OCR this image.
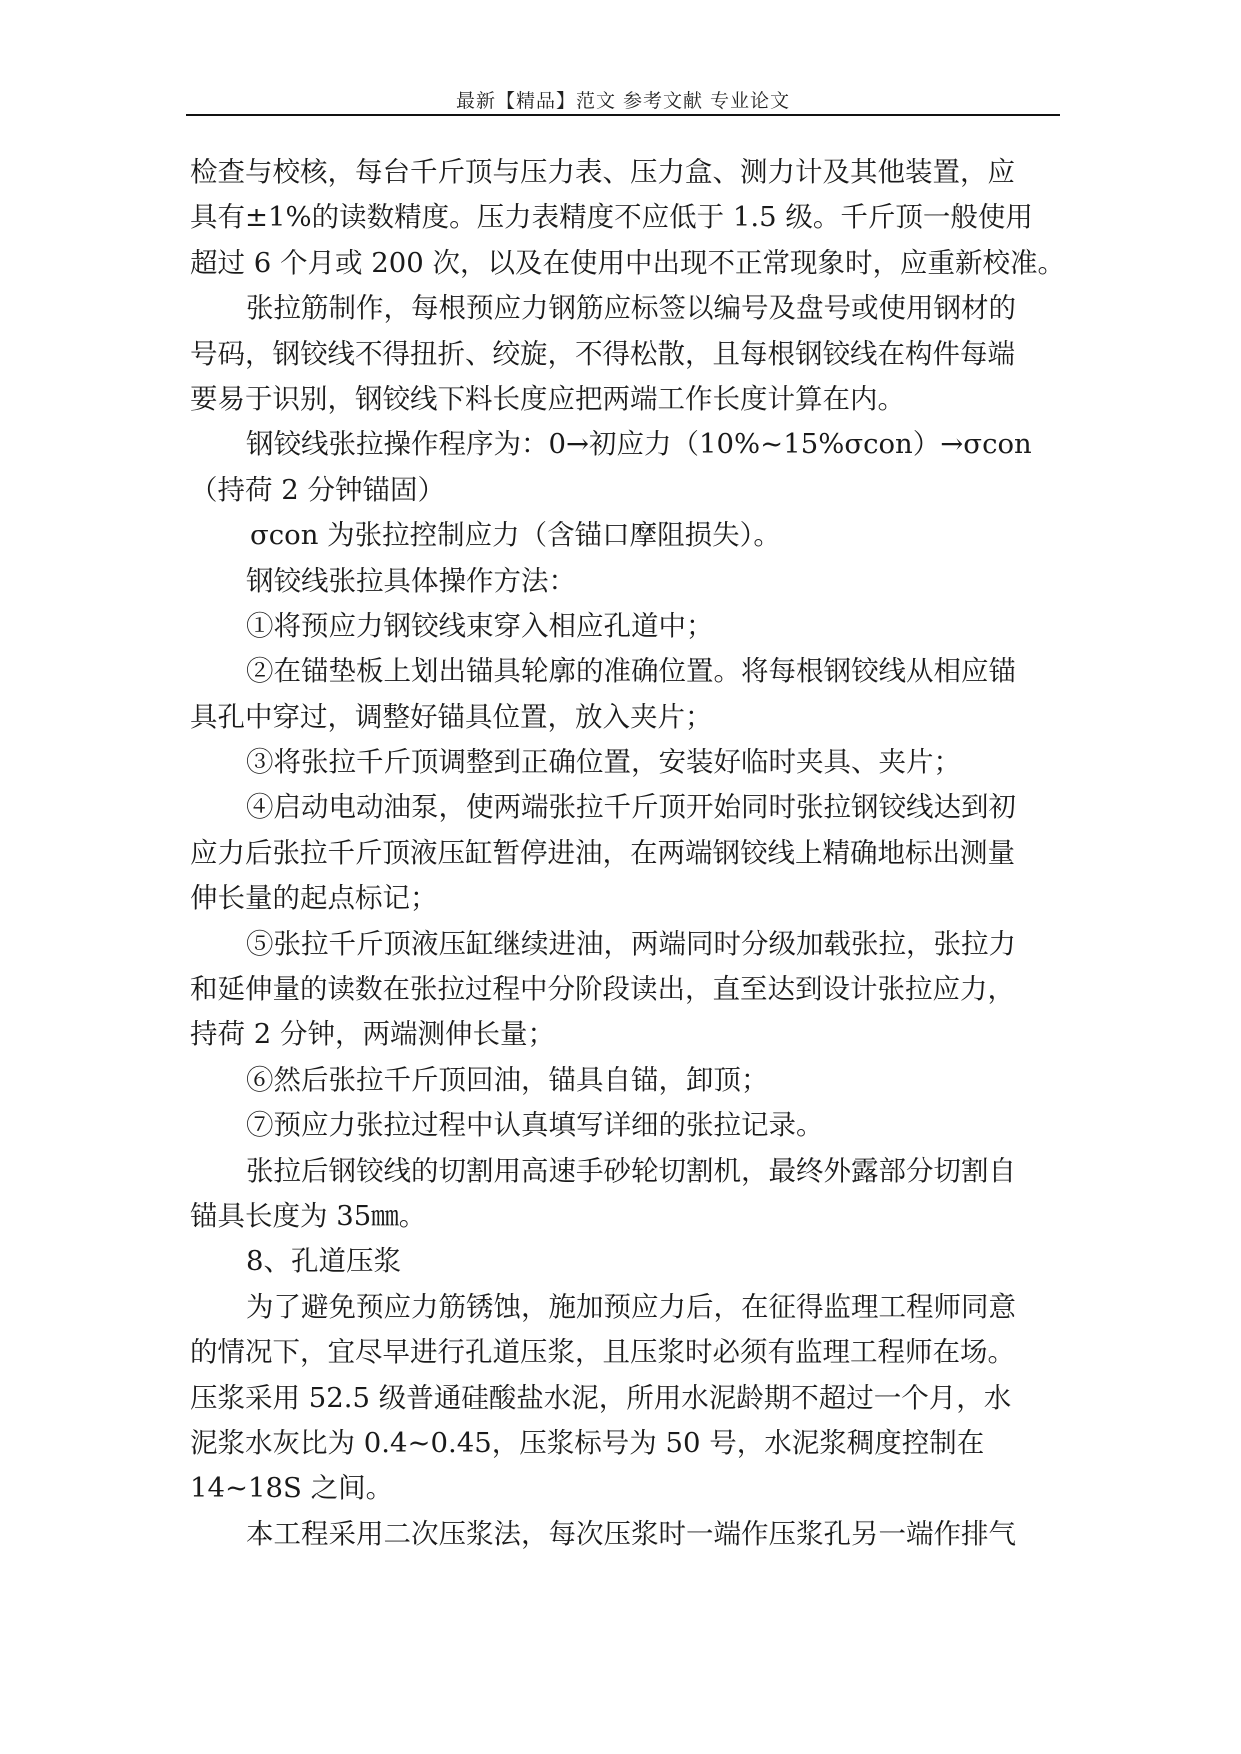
最新【精品】范文 参考文献 专业论文
检查与校核，每台千斤顶与压力表、压力盒、测力计及其他装置，应
具有±1%的读数精度。压力表精度不应低于 1.5 级。千斤顶一般使用
超过 6 个月或 200 次，以及在使用中出现不正常现象时，应重新校准。
张拉筋制作，每根预应力钢筋应标签以编号及盘号或使用钢材的
号码，钢铰线不得扭折、绞旋，不得松散，且每根钢铰线在构件每端
要易于识别，钢铰线下料长度应把两端工作长度计算在内。
钢铰线张拉操作程序为：0→初应力（10%~15%σcon）→σcon
（持荷 2 分钟锚固）
σcon 为张拉控制应力（含锚口摩阻损失）。
钢铰线张拉具体操作方法：
①将预应力钢铰线束穿入相应孔道中；
②在锚垫板上划出锚具轮廓的准确位置。将每根钢铰线从相应锚
具孔中穿过，调整好锚具位置，放入夹片；
③将张拉千斤顶调整到正确位置，安装好临时夹具、夹片；
④启动电动油泵，使两端张拉千斤顶开始同时张拉钢铰线达到初
应力后张拉千斤顶液压缸暂停进油，在两端钢铰线上精确地标出测量
伸长量的起点标记；
⑤张拉千斤顶液压缸继续进油，两端同时分级加载张拉，张拉力
和延伸量的读数在张拉过程中分阶段读出，直至达到设计张拉应力，
持荷 2 分钟，两端测伸长量；
⑥然后张拉千斤顶回油，锚具自锚，卸顶；
⑦预应力张拉过程中认真填写详细的张拉记录。
张拉后钢铰线的切割用高速手砂轮切割机，最终外露部分切割自
锚具长度为 35㎜。
8、孔道压浆
为了避免预应力筋锈蚀，施加预应力后，在征得监理工程师同意
的情况下，宜尽早进行孔道压浆，且压浆时必须有监理工程师在场。
压浆采用 52.5 级普通硅酸盐水泥，所用水泥龄期不超过一个月，水
泥浆水灰比为 0.4~0.45，压浆标号为 50 号，水泥浆稠度控制在
14~18S 之间。
本工程采用二次压浆法，每次压浆时一端作压浆孔另一端作排气
